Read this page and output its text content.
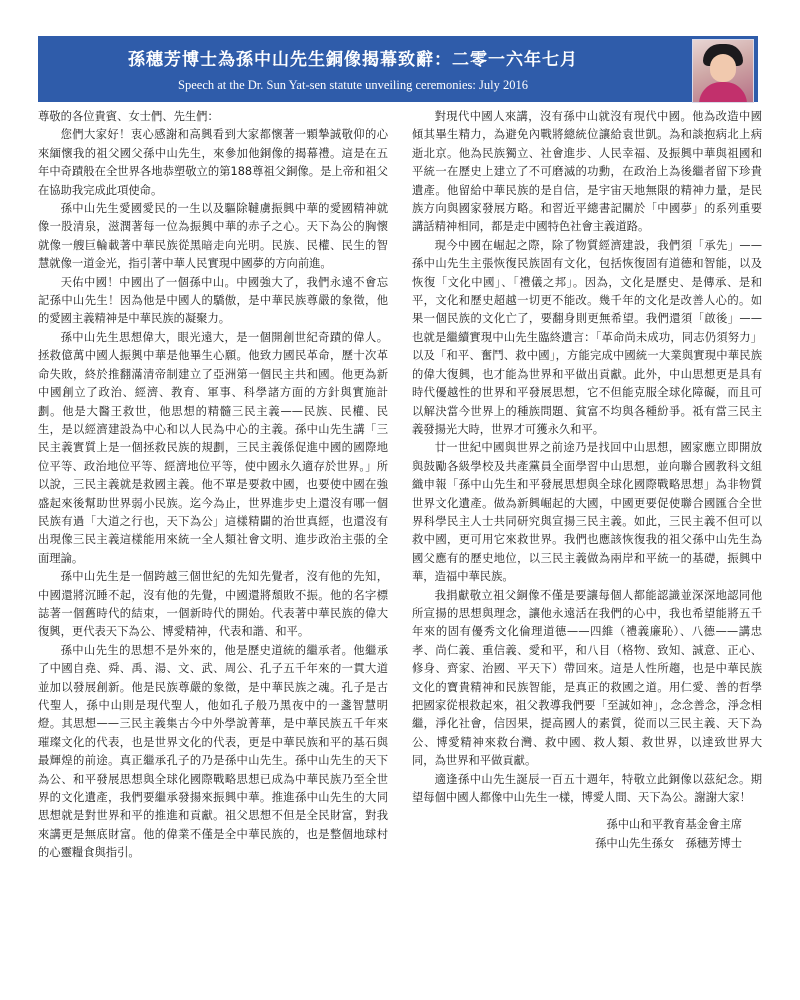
孫穗芳博士為孫中山先生銅像揭幕致辭：二零一六年七月
Speech at the Dr. Sun Yat-sen statute unveiling ceremonies: July 2016

尊敬的各位貴賓、女士們、先生們：

您們大家好！衷心感謝和高興看到大家都懷著一顆摯誠敬仰的心來緬懷我的祖父國父孫中山先生，來參加他銅像的揭幕禮。這是在五年中奇蹟般在全世界各地恭塑敬立的第188尊祖父銅像。是上帝和祖父在協助我完成此項使命。

孫中山先生愛國愛民的一生以及驅除韃虜振興中華的愛國精神就像一股清泉，滋潤著每一位為振興中華的赤子之心。天下為公的胸懷就像一艘巨輪載著中華民族從黑暗走向光明。民族、民權、民生的智慧就像一道金光，指引著中華人民實現中國夢的方向前進。

天佑中國！中國出了一個孫中山。中國強大了，我們永遠不會忘記孫中山先生！因為他是中國人的驕傲，是中華民族尊嚴的象徵，他的愛國主義精神是中華民族的凝聚力。

孫中山先生思想偉大，眼光遠大，是一個開創世紀奇蹟的偉人。拯救億萬中國人振興中華是他畢生心願。他致力國民革命，歷十次革命失敗，終於推翻滿清帝制建立了亞洲第一個民主共和國。他更為新中國創立了政治、經濟、教育、軍事、科學諸方面的方針與實施計劃。他是大醫王救世，他思想的精髓三民主義——民族、民權、民生，是以經濟建設為中心和以人民為中心的主義。孫中山先生講「三民主義實質上是一個拯救民族的規劃，三民主義係促進中國的國際地位平等、政治地位平等、經濟地位平等，使中國永久適存於世界。」所以說，三民主義就是救國主義。他不單是要救中國，也要使中國在強盛起來後幫助世界弱小民族。迄今為止，世界進步史上還沒有哪一個民族有過「大道之行也，天下為公」這樣精闢的治世真經，也還沒有出現像三民主義這樣能用來統一全人類社會文明、進步政治主張的全面理論。

孫中山先生是一個跨越三個世紀的先知先覺者，沒有他的先知，中國還將沉睡不起，沒有他的先覺，中國還將頹敗不振。他的名字標誌著一個舊時代的結束，一個新時代的開始。代表著中華民族的偉大復興，更代表天下為公、博愛精神，代表和諧、和平。

孫中山先生的思想不是外來的，他是歷史道統的繼承者。他繼承了中國自堯、舜、禹、湯、文、武、周公、孔子五千年來的一貫大道並加以發展創新。他是民族尊嚴的象徵，是中華民族之魂。孔子是古代聖人，孫中山則是現代聖人，他如孔子般乃黑夜中的一盞智慧明燈。其思想——三民主義集古今中外學說菁華，是中華民族五千年來璀璨文化的代表，也是世界文化的代表，更是中華民族和平的基石與最輝煌的前途。真正繼承孔子的乃是孫中山先生。孫中山先生的天下為公、和平發展思想與全球化國際戰略思想已成為中華民族乃至全世界的文化遺產，我們要繼承發揚來振興中華。推進孫中山先生的大同思想就是對世界和平的推進和貢獻。祖父思想不但是全民財富，對我來講更是無底財富。他的偉業不僅是全中華民族的，也是整個地球村的心靈糧食與指引。

對現代中國人來講，沒有孫中山就沒有現代中國。他為改造中國傾其畢生精力，為避免內戰將總統位讓給袁世凱。為和談抱病北上病逝北京。他為民族獨立、社會進步、人民幸福、及振興中華與祖國和平統一在歷史上建立了不可磨滅的功勳，在政治上為後繼者留下珍貴遺產。他留給中華民族的是自信，是宇宙天地無限的精神力量，是民族方向與國家發展方略。和習近平總書記關於「中國夢」的系列重要講話精神相同，都是走中國特色社會主義道路。

現今中國在崛起之際，除了物質經濟建設，我們須「承先」——孫中山先生主張恢復民族固有文化，包括恢復固有道德和智能，以及恢復「文化中國」、「禮儀之邦」。因為，文化是歷史、是傳承、是和平，文化和歷史超越一切更不能改。幾千年的文化是改善人心的。如果一個民族的文化亡了，要翻身則更無希望。我們還須「啟後」——也就是繼續實現中山先生臨終遺言：「革命尚未成功，同志仍須努力」以及「和平、奮鬥、救中國」，方能完成中國統一大業與實現中華民族的偉大復興，也才能為世界和平做出貢獻。此外，中山思想更是具有時代優越性的世界和平發展思想，它不但能克服全球化障礙，而且可以解決當今世界上的種族問題、貧富不均與各種紛爭。祗有當三民主義發揚光大時，世界才可獲永久和平。

廿一世紀中國與世界之前途乃是找回中山思想，國家應立即開放與鼓勵各級學校及共產黨員全面學習中山思想，並向聯合國教科文組織申報「孫中山先生和平發展思想與全球化國際戰略思想」為非物質世界文化遺產。做為新興崛起的大國，中國更要促使聯合國匯合全世界科學民主人士共同研究與宣揚三民主義。如此，三民主義不但可以救中國，更可用它來救世界。我們也應該恢復我的祖父孫中山先生為國父應有的歷史地位，以三民主義做為兩岸和平統一的基礎，振興中華，造福中華民族。

我捐獻敬立祖父銅像不僅是要讓每個人都能認識並深深地認同他所宣揚的思想與理念，讓他永遠活在我們的心中，我也希望能將五千年來的固有優秀文化倫理道德——四維（禮義廉恥）、八德——講忠孝、尚仁義、重信義、愛和平，和八目（格物、致知、誠意、正心、修身、齊家、治國、平天下）帶回來。這是人性所趨，也是中華民族文化的寶貴精神和民族智能，是真正的救國之道。用仁愛、善的哲學把國家從根救起來，祖父教導我們要「至誠如神」，念念善念，淨念相繼，淨化社會，信因果，提高國人的素質，從而以三民主義、天下為公、博愛精神來救台灣、救中國、救人類、救世界，以達致世界大同，為世界和平做貢獻。

適逢孫中山先生誕辰一百五十週年，特敬立此銅像以茲紀念。期望每個中國人都像中山先生一樣，博愛人間、天下為公。謝謝大家！

孫中山和平教育基金會主席
孫中山先生孫女　孫穗芳博士
